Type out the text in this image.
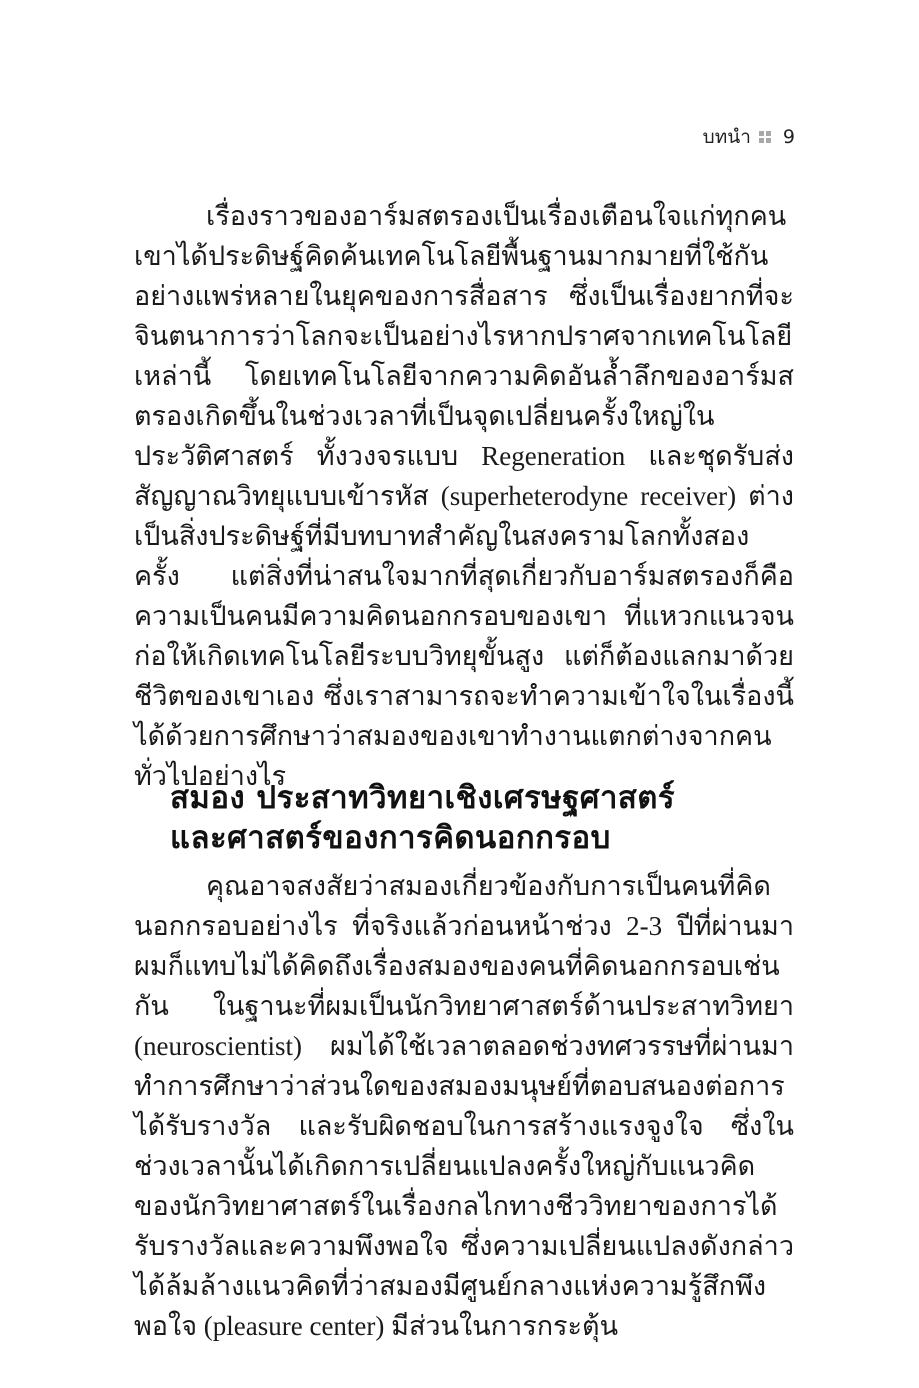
บทนำ 9

เรื่องราวของอาร์มสตรองเป็นเรื่องเตือนใจแก่ทุกคน เขาได้ประดิษฐ์คิดค้นเทคโนโลยีพื้นฐานมากมายที่ใช้กันอย่างแพร่หลายในยุคของการสื่อสาร ซึ่งเป็นเรื่องยากที่จะจินตนาการว่าโลกจะเป็นอย่างไรหากปราศจากเทคโนโลยีเหล่านี้ โดยเทคโนโลยีจากความคิดอันล้ำลึกของอาร์มสตรองเกิดขึ้นในช่วงเวลาที่เป็นจุดเปลี่ยนครั้งใหญ่ในประวัติศาสตร์ ทั้งวงจรแบบ Regeneration และชุดรับส่งสัญญาณวิทยุแบบเข้ารหัส (superheterodyne receiver) ต่างเป็นสิ่งประดิษฐ์ที่มีบทบาทสำคัญในสงครามโลกทั้งสองครั้ง แต่สิ่งที่น่าสนใจมากที่สุดเกี่ยวกับอาร์มสตรองก็คือความเป็นคนมีความคิดนอกกรอบของเขา ที่แหวกแนวจนก่อให้เกิดเทคโนโลยีระบบวิทยุขั้นสูง แต่ก็ต้องแลกมาด้วยชีวิตของเขาเอง ซึ่งเราสามารถจะทำความเข้าใจในเรื่องนี้ได้ด้วยการศึกษาว่าสมองของเขาทำงานแตกต่างจากคนทั่วไปอย่างไร

สมอง ประสาทวิทยาเชิงเศรษฐศาสตร์
และศาสตร์ของการคิดนอกกรอบ

คุณอาจสงสัยว่าสมองเกี่ยวข้องกับการเป็นคนที่คิดนอกกรอบอย่างไร ที่จริงแล้วก่อนหน้าช่วง 2-3 ปีที่ผ่านมา ผมก็แทบไม่ได้คิดถึงเรื่องสมองของคนที่คิดนอกกรอบเช่นกัน ในฐานะที่ผมเป็นนักวิทยาศาสตร์ด้านประสาทวิทยา (neuroscientist) ผมได้ใช้เวลาตลอดช่วงทศวรรษที่ผ่านมาทำการศึกษาว่าส่วนใดของสมองมนุษย์ที่ตอบสนองต่อการได้รับรางวัล และรับผิดชอบในการสร้างแรงจูงใจ ซึ่งในช่วงเวลานั้นได้เกิดการเปลี่ยนแปลงครั้งใหญ่กับแนวคิดของนักวิทยาศาสตร์ในเรื่องกลไกทางชีววิทยาของการได้รับรางวัลและความพึงพอใจ ซึ่งความเปลี่ยนแปลงดังกล่าวได้ล้มล้างแนวคิดที่ว่าสมองมีศูนย์กลางแห่งความรู้สึกพึงพอใจ (pleasure center) มีส่วนในการกระตุ้น
